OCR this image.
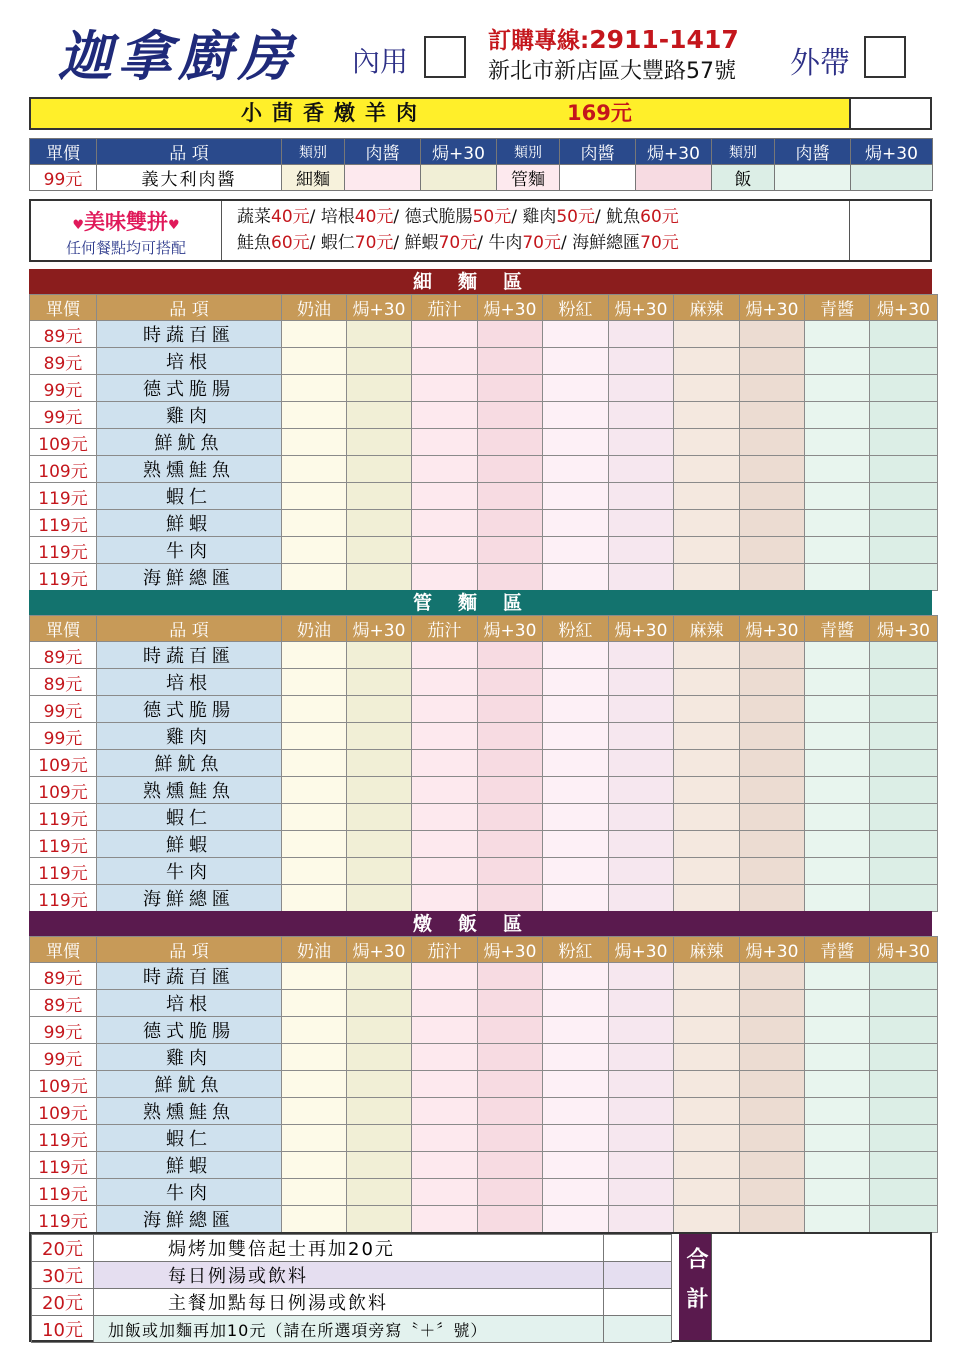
迦拿廚房 內用
訂購專線:2911-1417
新北市新店區大豐路57號 外帶
小茴香燉羊肉	169元
單價	品 項	類別	肉醬	焗+30	類別	肉醬	焗+30	類別	肉醬	焗+30
99元	義大利肉醬	細麵			管麵			飯		
♥美味雙拼♥
任何餐點均可搭配
蔬菜40元/ 培根40元/ 德式脆腸50元/ 雞肉50元/ 魷魚60元
鮭魚60元/ 蝦仁70元/ 鮮蝦70元/ 牛肉70元/ 海鮮總匯70元
細麵區
單價	品 項	奶油	焗+30	茄汁	焗+30	粉紅	焗+30	麻辣	焗+30	青醬	焗+30
89元	時蔬百匯										
89元	培根										
99元	德式脆腸										
99元	雞肉										
109元	鮮魷魚										
109元	熟燻鮭魚										
119元	蝦仁										
119元	鮮蝦										
119元	牛肉										
119元	海鮮總匯										
管麵區
單價	品 項	奶油	焗+30	茄汁	焗+30	粉紅	焗+30	麻辣	焗+30	青醬	焗+30
89元	時蔬百匯										
89元	培根										
99元	德式脆腸										
99元	雞肉										
109元	鮮魷魚										
109元	熟燻鮭魚										
119元	蝦仁										
119元	鮮蝦										
119元	牛肉										
119元	海鮮總匯										
燉飯區
單價	品 項	奶油	焗+30	茄汁	焗+30	粉紅	焗+30	麻辣	焗+30	青醬	焗+30
89元	時蔬百匯										
89元	培根										
99元	德式脆腸										
99元	雞肉										
109元	鮮魷魚										
109元	熟燻鮭魚										
119元	蝦仁										
119元	鮮蝦										
119元	牛肉										
119元	海鮮總匯										
20元	焗烤加雙倍起士再加20元	
30元	每日例湯或飲料	
20元	主餐加點每日例湯或飲料	
10元	加飯或加麵再加10元（請在所選項旁寫〝＋〞號）	
合計
